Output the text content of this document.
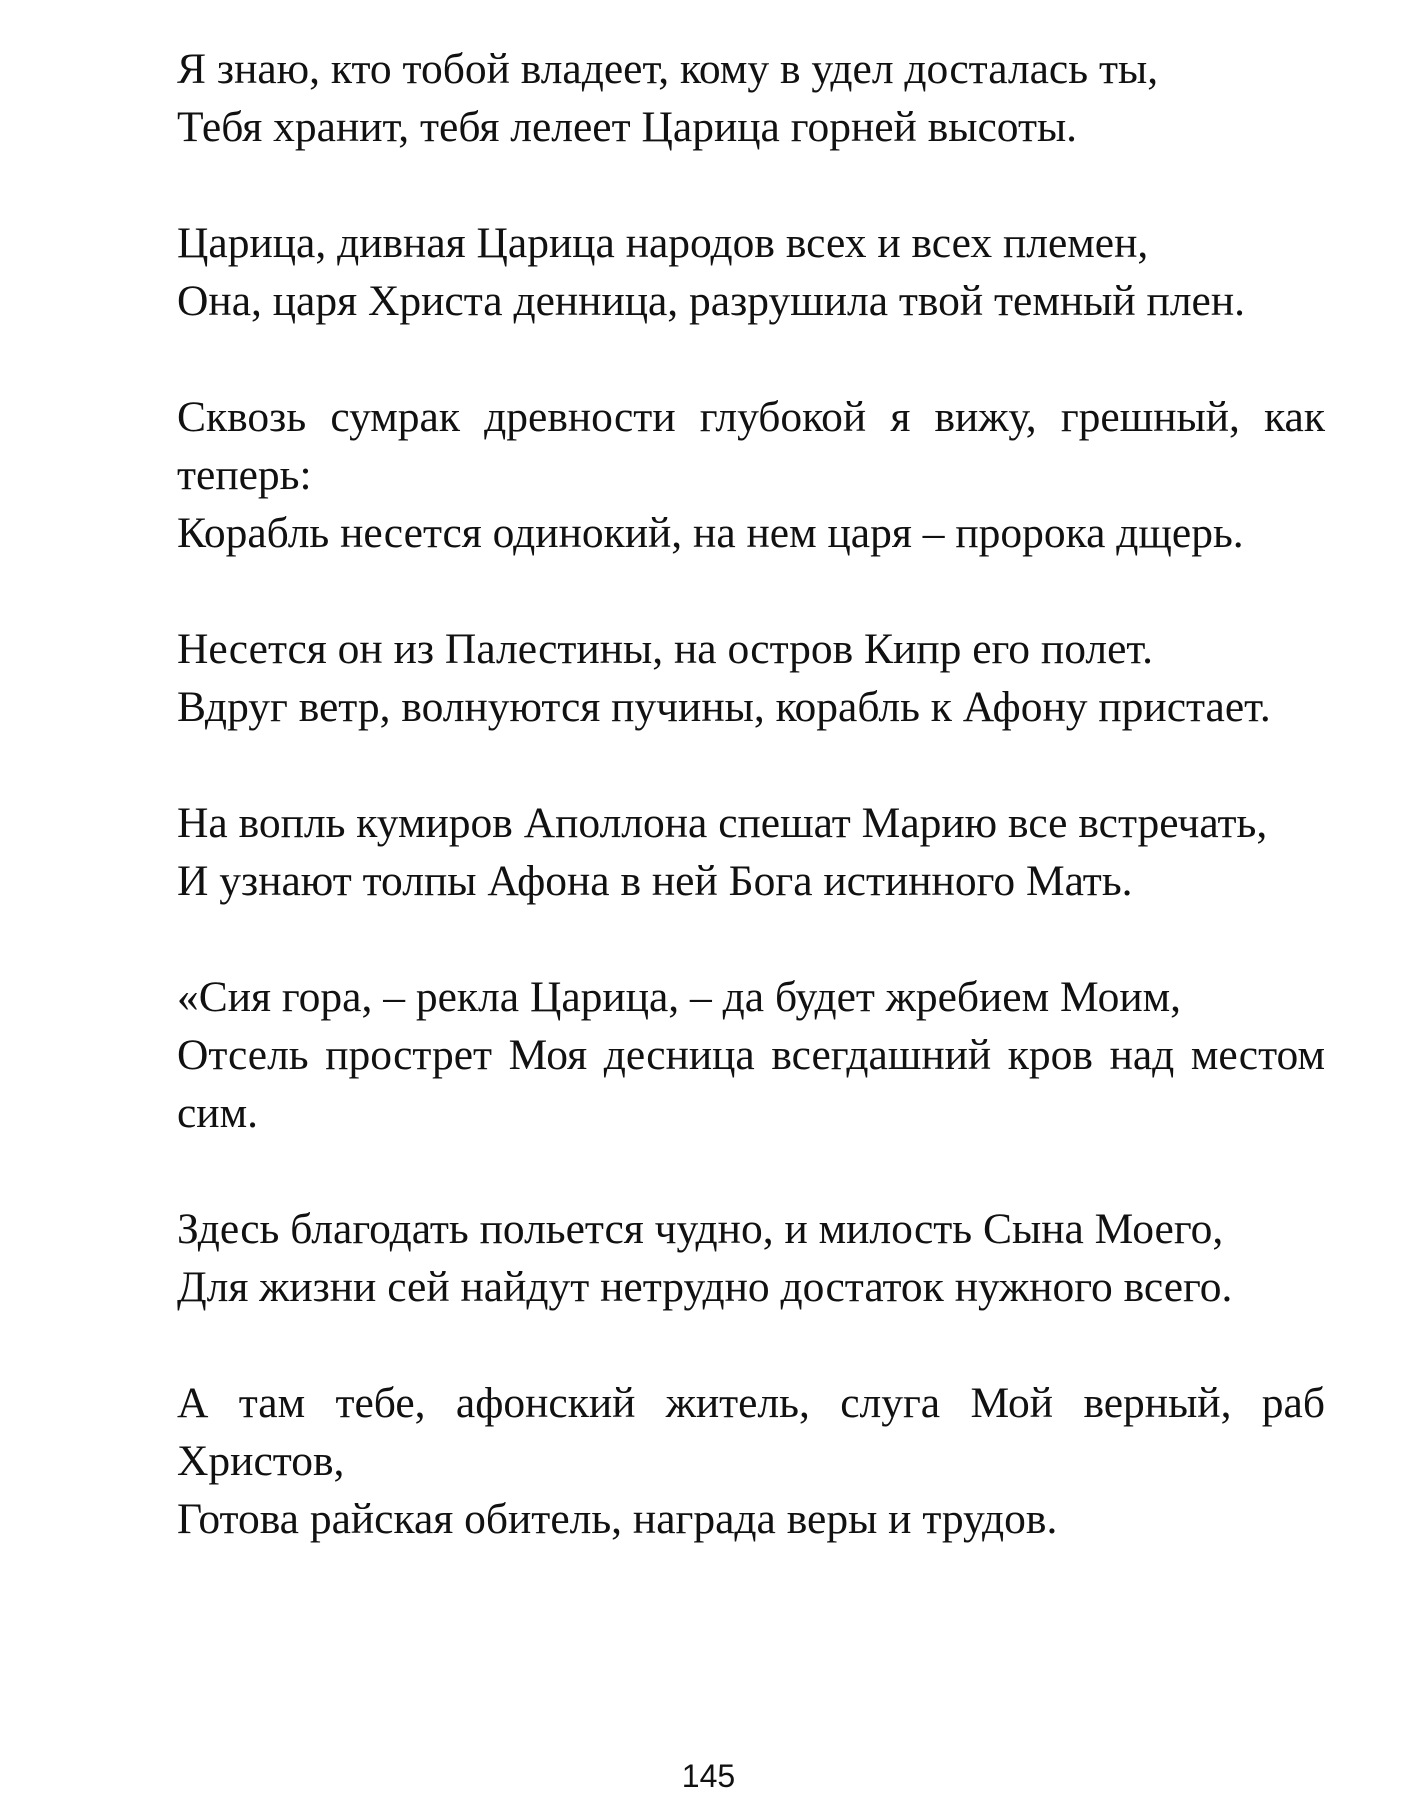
Я знаю, кто тобой владеет, кому в удел досталась ты,
Тебя хранит, тебя лелеет Царица горней высоты.
Царица, дивная Царица народов всех и всех племен,
Она, царя Христа денница, разрушила твой темный плен.
Сквозь сумрак древности глубокой я вижу, грешный, как теперь:
Корабль несется одинокий, на нем царя – пророка дщерь.
Несется он из Палестины, на остров Кипр его полет.
Вдруг ветр, волнуются пучины, корабль к Афону пристает.
На вопль кумиров Аполлона спешат Марию все встречать,
И узнают толпы Афона в ней Бога истинного Мать.
«Сия гора, – рекла Царица, – да будет жребием Моим,
Отсель прострет Моя десница всегдашний кров над местом сим.
Здесь благодать польется чудно, и милость Сына Моего,
Для жизни сей найдут нетрудно достаток нужного всего.
А там тебе, афонский житель, слуга Мой верный, раб Христов,
Готова райская обитель, награда веры и трудов.
145
